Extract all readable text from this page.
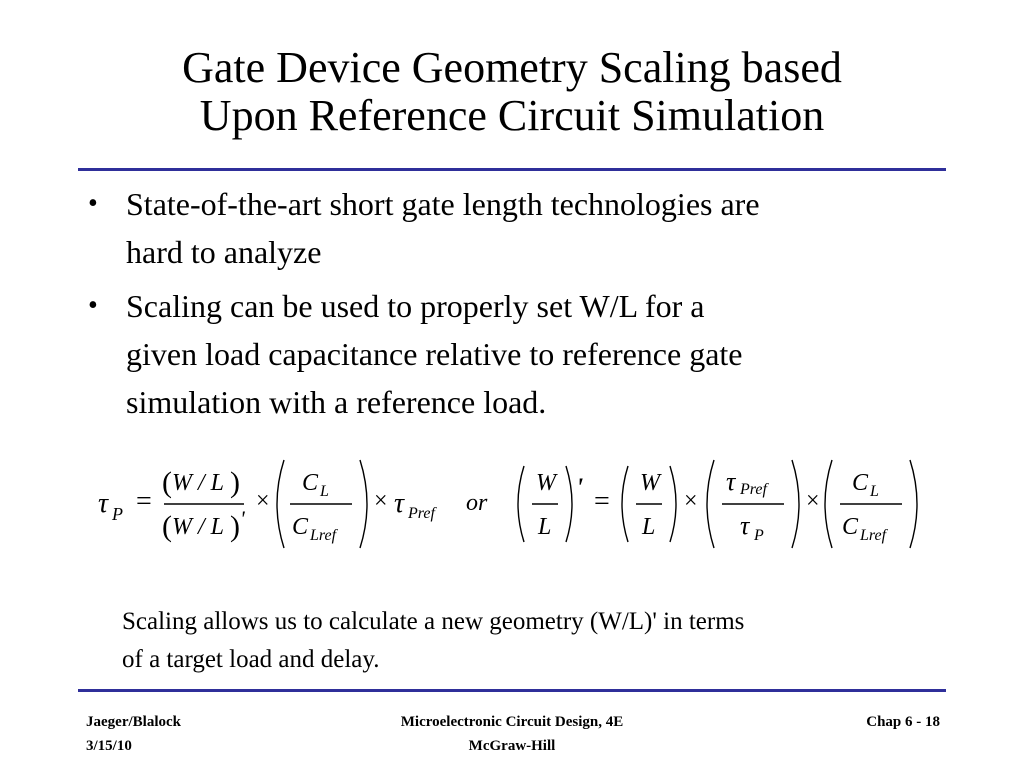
Gate Device Geometry Scaling based
Upon Reference Circuit Simulation
• State-of-the-art short gate length technologies are
hard to analyze
• Scaling can be used to properly set W/L for a
given load capacitance relative to reference gate
simulation with a reference load.
τ P =
( W / L )
( W / L ) '
×
C L
C Lref
× τ Pref or
W
L
' =
W
L
×
τ Pref
τ P
×
C L
C Lref
Scaling allows us to calculate a new geometry (W/L)' in terms
of a target load and delay.
Jaeger/Blalock
3/15/10
Microelectronic Circuit Design, 4E
McGraw-Hill
Chap 6 - 18
